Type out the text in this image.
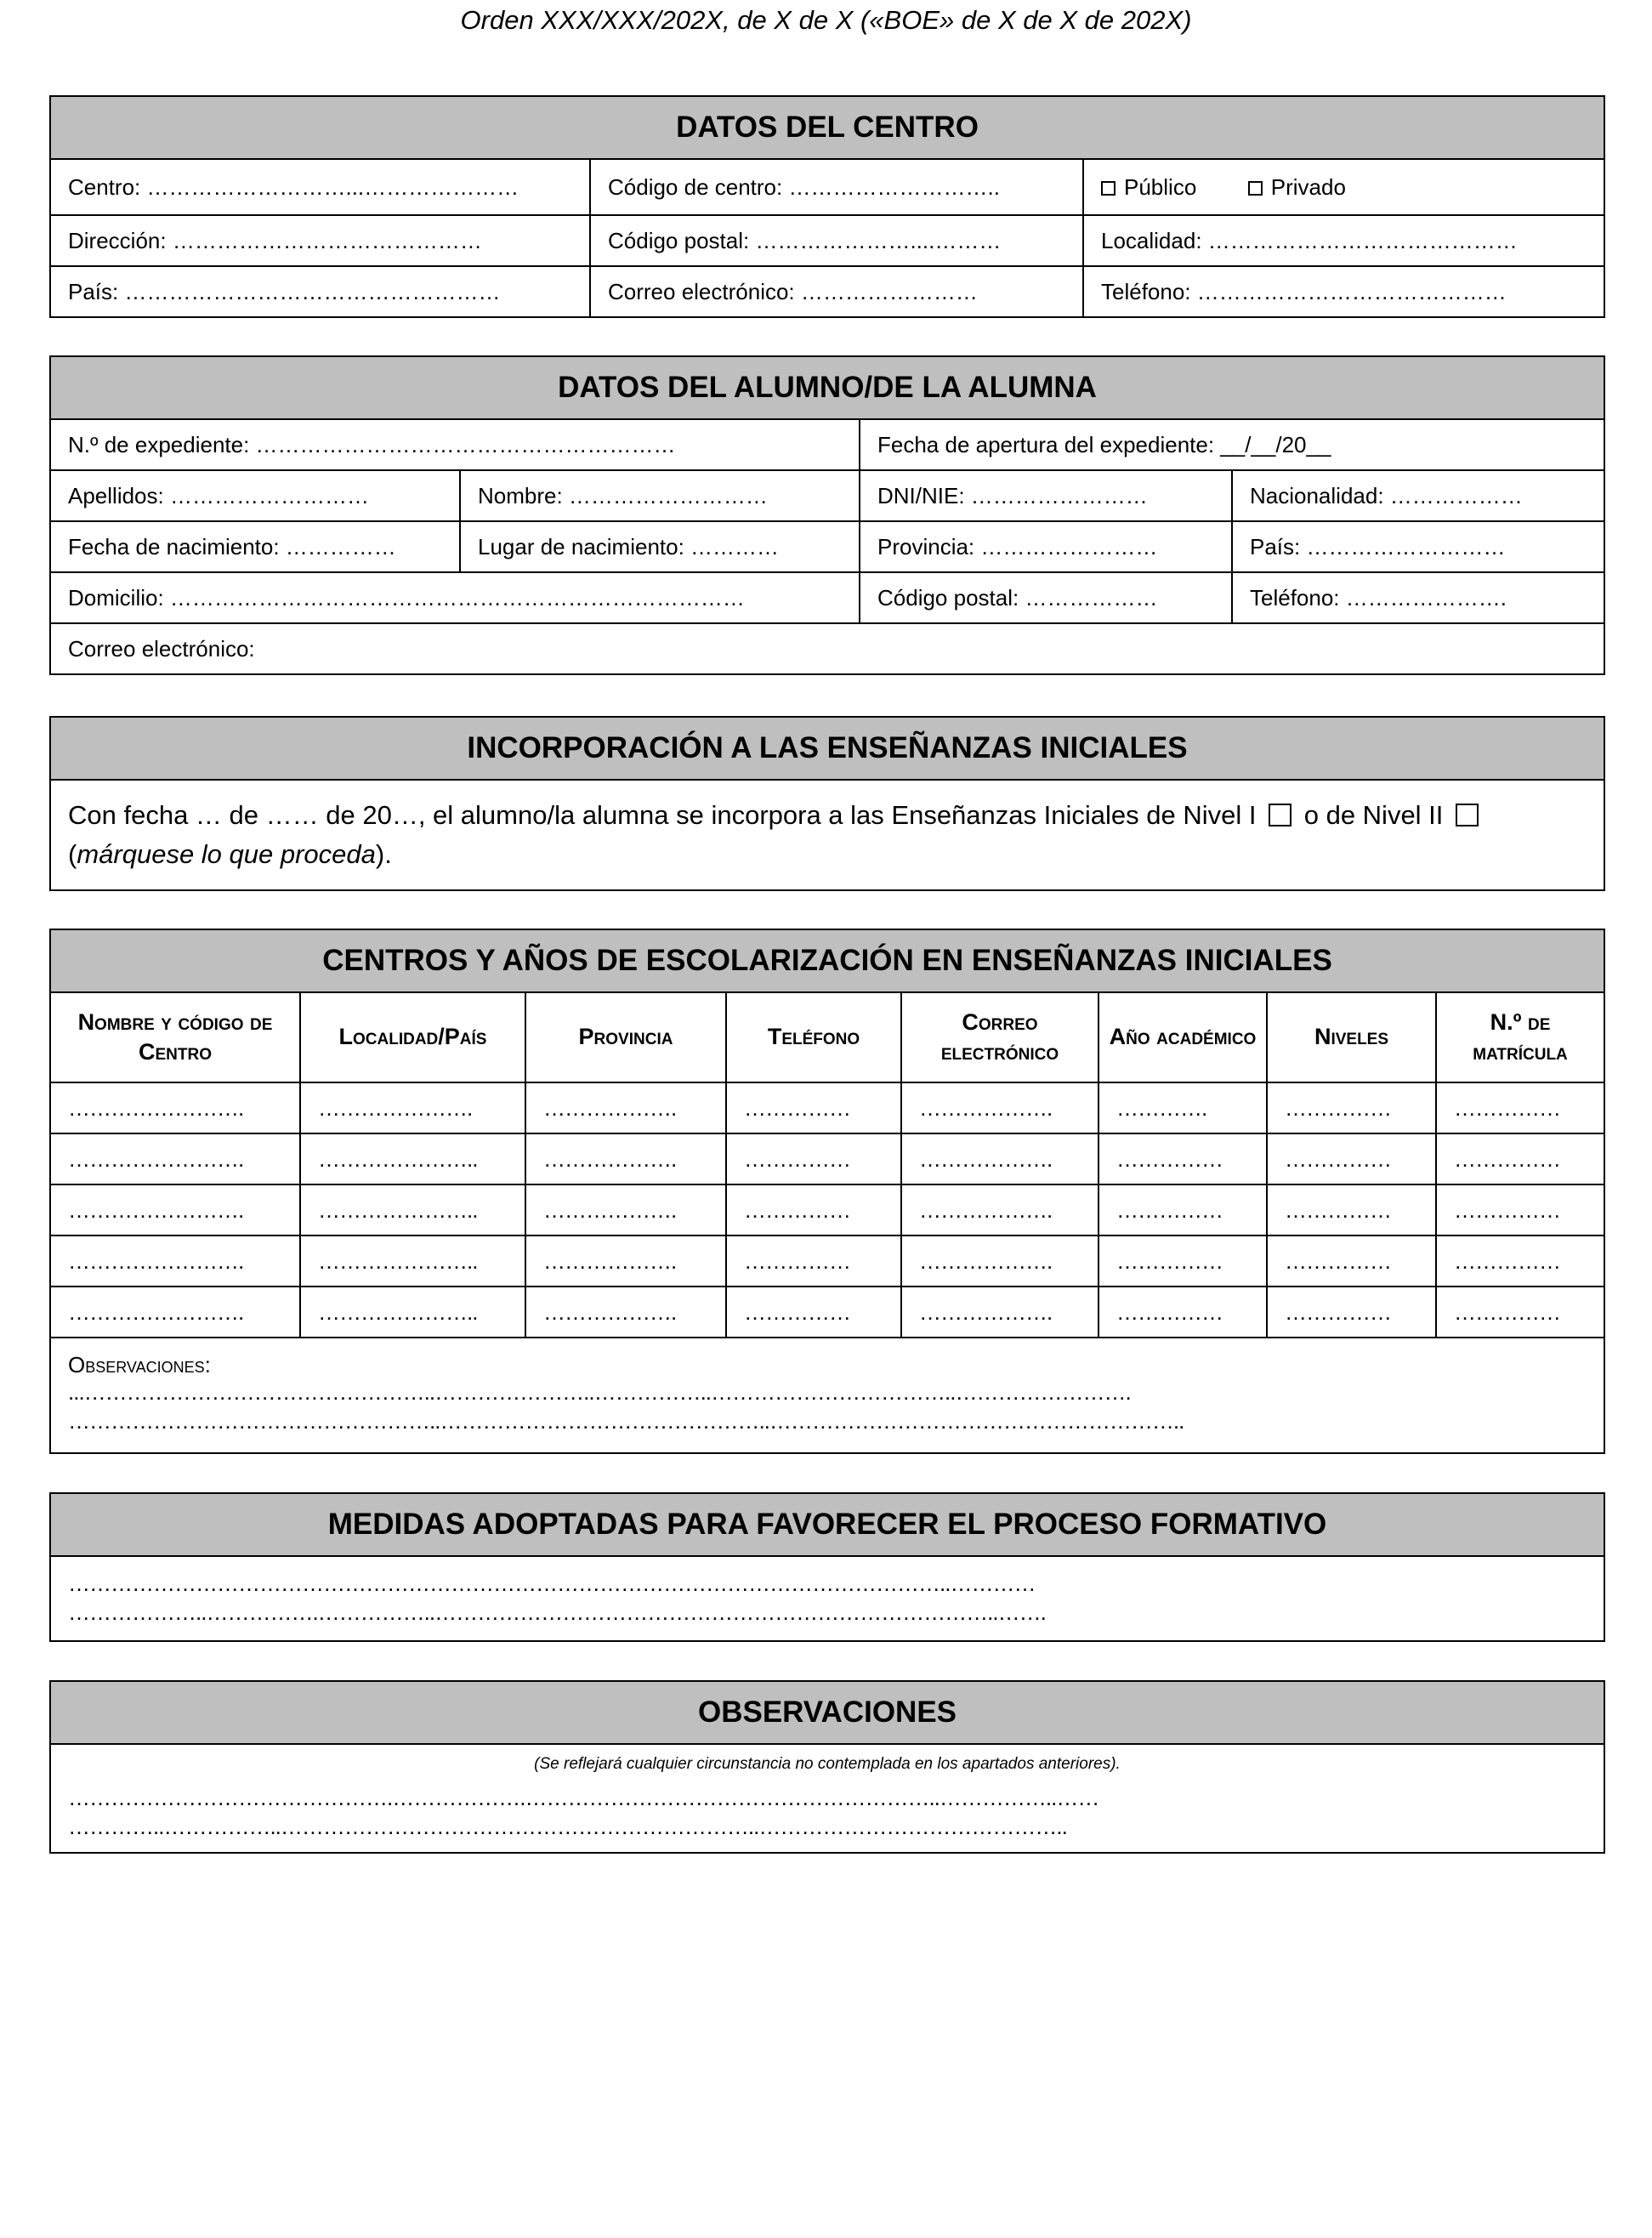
Orden XXX/XXX/202X, de X de X («BOE» de X de X de 202X)
DATOS DEL CENTRO		
Centro: ………………………...…………………	Código de centro: ………………………..	Público Privado
Dirección: ……………………………………	Código postal: …………………....………	Localidad: ……………………………………
País: ……………………………………………	Correo electrónico: ……………………	Teléfono: ……………………………………
DATOS DEL ALUMNO/DE LA ALUMNA			
N.º de expediente: …………………………………………………		Fecha de apertura del expediente: __/__/20__	
Apellidos: ………………………	Nombre: ………………………	DNI/NIE: ……………………	Nacionalidad: ………………
Fecha de nacimiento: ……………	Lugar de nacimiento: …………	Provincia: ……………………	País: ………………………
Domicilio: ……………………………………………………………………		Código postal: ………………	Teléfono: ………………….
Correo electrónico:			
INCORPORACIÓN A LAS ENSEÑANZAS INICIALES
Con fecha … de …… de 20…, el alumno/la alumna se incorpora a las Enseñanzas Iniciales de Nivel I o de Nivel II
(márquese lo que proceda).
CENTROS Y AÑOS DE ESCOLARIZACIÓN EN ENSEÑANZAS INICIALES							
Nombre y código de Centro	Localidad/País	Provincia	Teléfono	Correo electrónico	Año académico	Niveles	N.º de matrícula
…………………….	………………….	……………….	……………	……………….	………….	……………	……………
…………………….	…………………..	……………….	……………	……………….	……………	……………	……………
…………………….	…………………..	……………….	……………	……………….	……………	……………	……………
…………………….	…………………..	……………….	……………	……………….	……………	……………	……………
…………………….	…………………..	……………….	……………	……………….	……………	……………	……………

Observaciones:
...…………………………………………..…………………..……………..……………………………..…………………….
……………………………………………..………………………………………..…………………………………………………..							
MEDIDAS ADOPTADAS PARA FAVORECER EL PROCESO FORMATIVO

……………………………………………………………………………………………………………..…………
………………..…………….……………..……………………………………………………………………..…….
OBSERVACIONES

(Se reflejará cualquier circunstancia no contemplada en los apartados anteriores).
……………………………………….……………….…………………………………………………..……………..……
…………..……………..…………………………………………………………..……………………………………..
